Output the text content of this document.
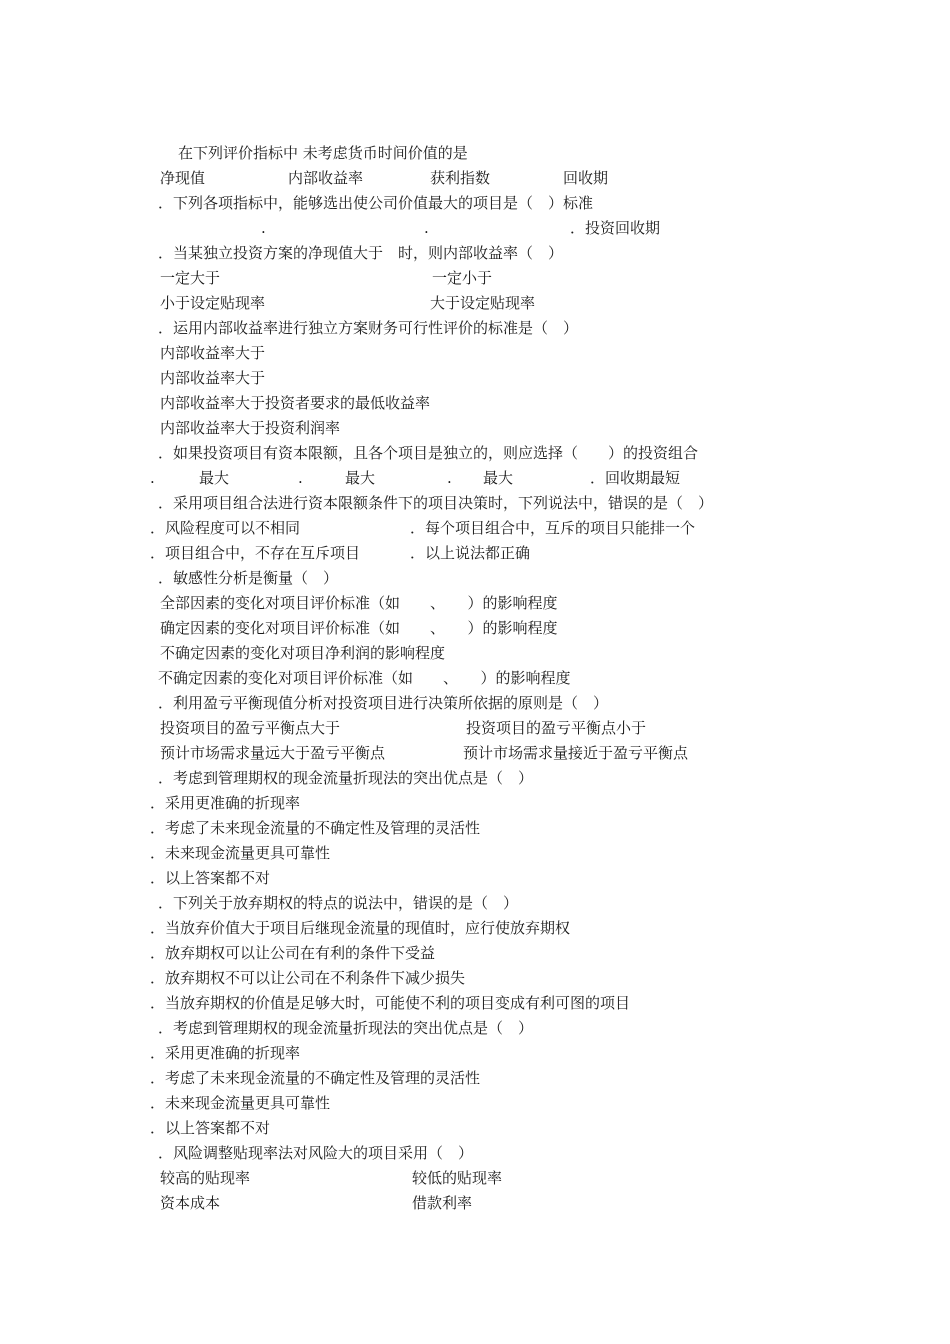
在下列评价指标中 未考虑货币时间价值的是
净现值	内部收益率	获利指数	回收期
．下列各项指标中，能够选出使公司价值最大的项目是（　）标准
.	.	．投资回收期
．当某独立投资方案的净现值大于　时，则内部收益率（　）
一定大于	一定小于
小于设定贴现率	大于设定贴现率
．运用内部收益率进行独立方案财务可行性评价的标准是（　）
内部收益率大于
内部收益率大于
内部收益率大于投资者要求的最低收益率
内部收益率大于投资利润率
．如果投资项目有资本限额，且各个项目是独立的，则应选择（　　）的投资组合
.	最大	.	最大	. 最大	．回收期最短
．采用项目组合法进行资本限额条件下的项目决策时，下列说法中，错误的是（　）
．风险程度可以不相同	．每个项目组合中，互斥的项目只能排一个
．项目组合中，不存在互斥项目	．以上说法都正确
．敏感性分析是衡量（　）
全部因素的变化对项目评价标准（如　　、　　）的影响程度
确定因素的变化对项目评价标准（如　　、　　）的影响程度
不确定因素的变化对项目净利润的影响程度
不确定因素的变化对项目评价标准（如　　、　　）的影响程度
．利用盈亏平衡现值分析对投资项目进行决策所依据的原则是（　）
投资项目的盈亏平衡点大于	投资项目的盈亏平衡点小于
预计市场需求量远大于盈亏平衡点	预计市场需求量接近于盈亏平衡点
．考虑到管理期权的现金流量折现法的突出优点是（　）
．采用更准确的折现率
．考虑了未来现金流量的不确定性及管理的灵活性
．未来现金流量更具可靠性
．以上答案都不对
．下列关于放弃期权的特点的说法中，错误的是（　）
．当放弃价值大于项目后继现金流量的现值时，应行使放弃期权
．放弃期权可以让公司在有利的条件下受益
．放弃期权不可以让公司在不利条件下减少损失
．当放弃期权的价值是足够大时，可能使不利的项目变成有利可图的项目
．考虑到管理期权的现金流量折现法的突出优点是（　）
．采用更准确的折现率
．考虑了未来现金流量的不确定性及管理的灵活性
．未来现金流量更具可靠性
．以上答案都不对
．风险调整贴现率法对风险大的项目采用（　）
较高的贴现率	较低的贴现率
资本成本	借款利率
